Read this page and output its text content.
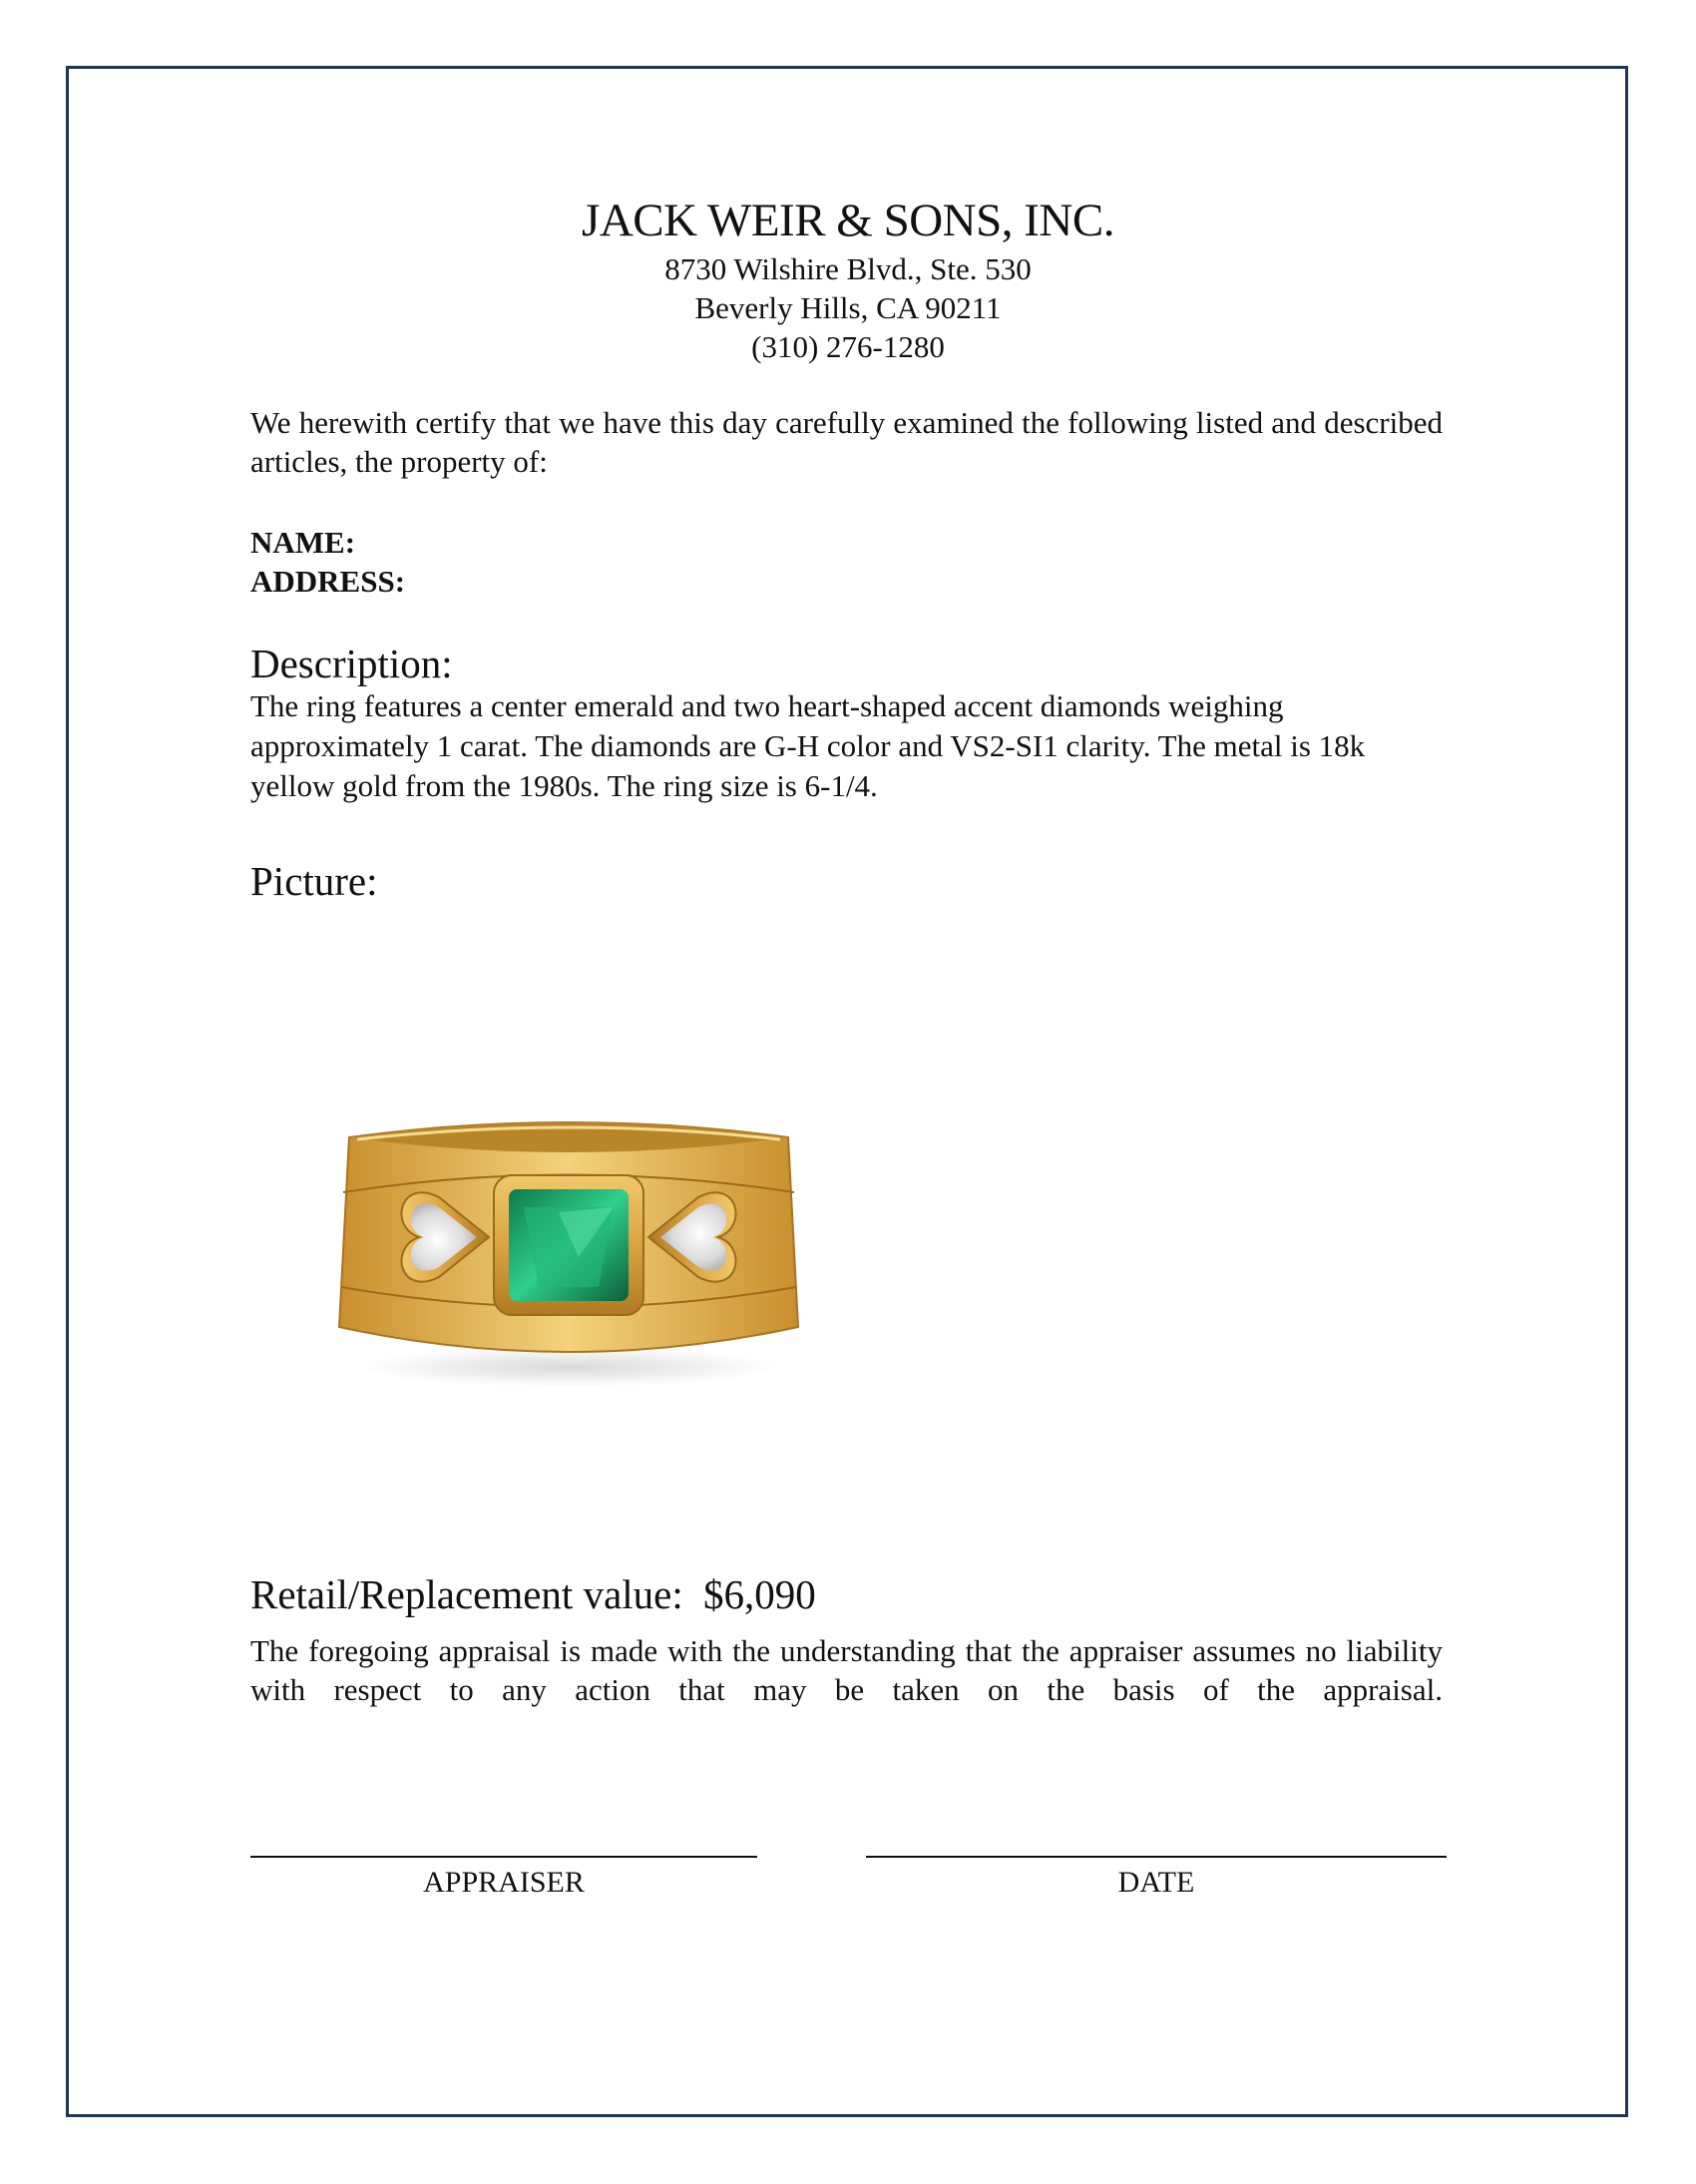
JACK WEIR & SONS, INC.
8730 Wilshire Blvd., Ste. 530
Beverly Hills, CA 90211
(310) 276-1280
We herewith certify that we have this day carefully examined the following listed and described articles, the property of:
NAME:
ADDRESS:
Description:
The ring features a center emerald and two heart-shaped accent diamonds weighing approximately 1 carat. The diamonds are G-H color and VS2-SI1 clarity. The metal is 18k yellow gold from the 1980s. The ring size is 6-1/4.
Picture:
Retail/Replacement value: $6,090
The foregoing appraisal is made with the understanding that the appraiser assumes no liability with respect to any action that may be taken on the basis of the appraisal.
APPRAISER	DATE
